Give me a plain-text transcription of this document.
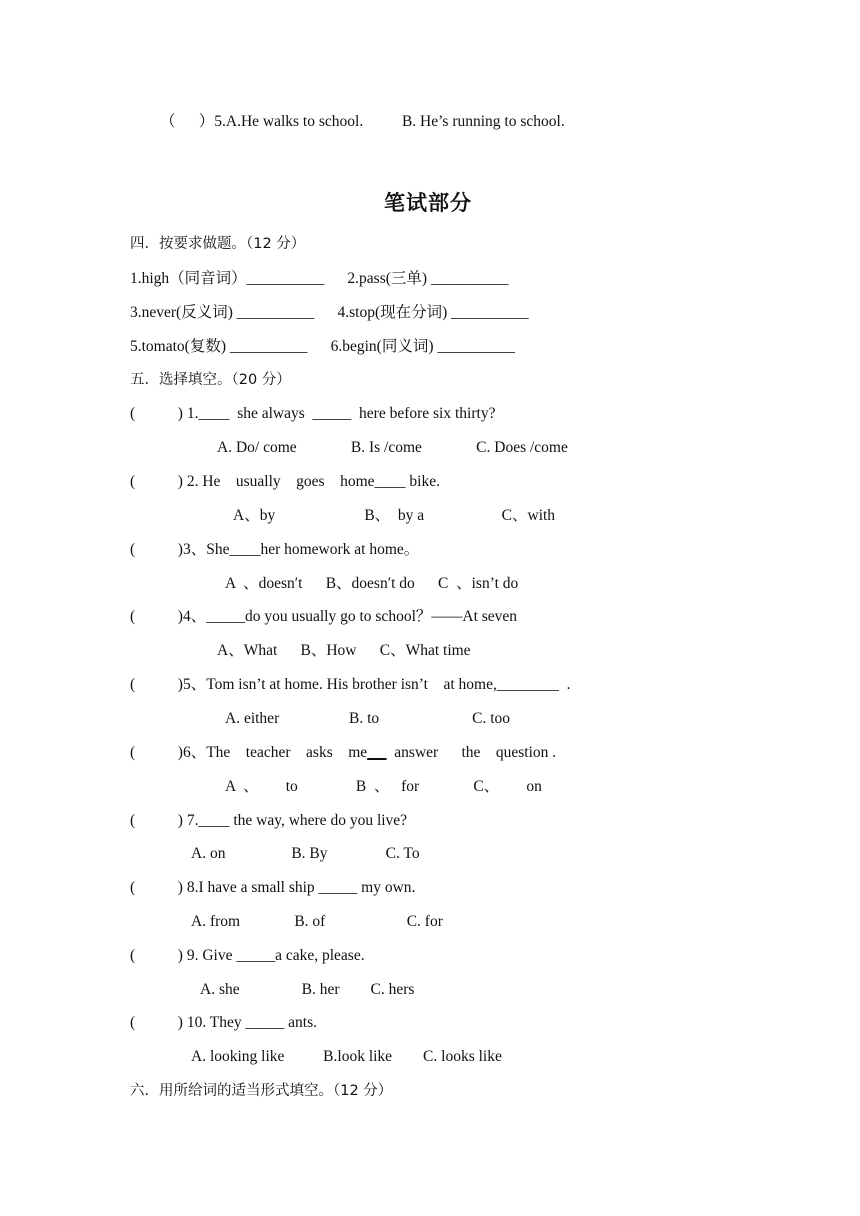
（      ）5.A.He walks to school.          B. He’s running to school.
笔试部分
四．按要求做题。（12 分）
1.high（同音词）__________      2.pass(三单) __________
3.never(反义词) __________      4.stop(现在分词) __________
5.tomato(复数) __________      6.begin(同义词) __________
五．选择填空。（20 分）
(           ) 1.____  she always  _____  here before six thirty?
A. Do/ come              B. Is /come              C. Does /come
(           ) 2. He    usually    goes    home____ bike.
A、by                       B、  by a                    C、with
(           )3、She____her homework at home。
A  、doesn′t      B、doesn′t do      C  、isn’t do
(           )4、_____do you usually go to school？——At seven
A、What      B、How      C、What time
(           )5、Tom isn’t at home. His brother isn’t    at home,________  .
A. either                  B. to                        C. too
(           )6、The    teacher    asks    me       answer      the    question .
A  、       to               B  、   for              C、       on
(           ) 7.____ the way, where do you live?
A. on                 B. By               C. To
(           ) 8.I have a small ship _____ my own.
A. from              B. of                     C. for
(           ) 9. Give _____a cake, please.
A. she                B. her        C. hers
(           ) 10. They _____ ants.
A. looking like          B.look like        C. looks like
六．用所给词的适当形式填空。（12 分）
